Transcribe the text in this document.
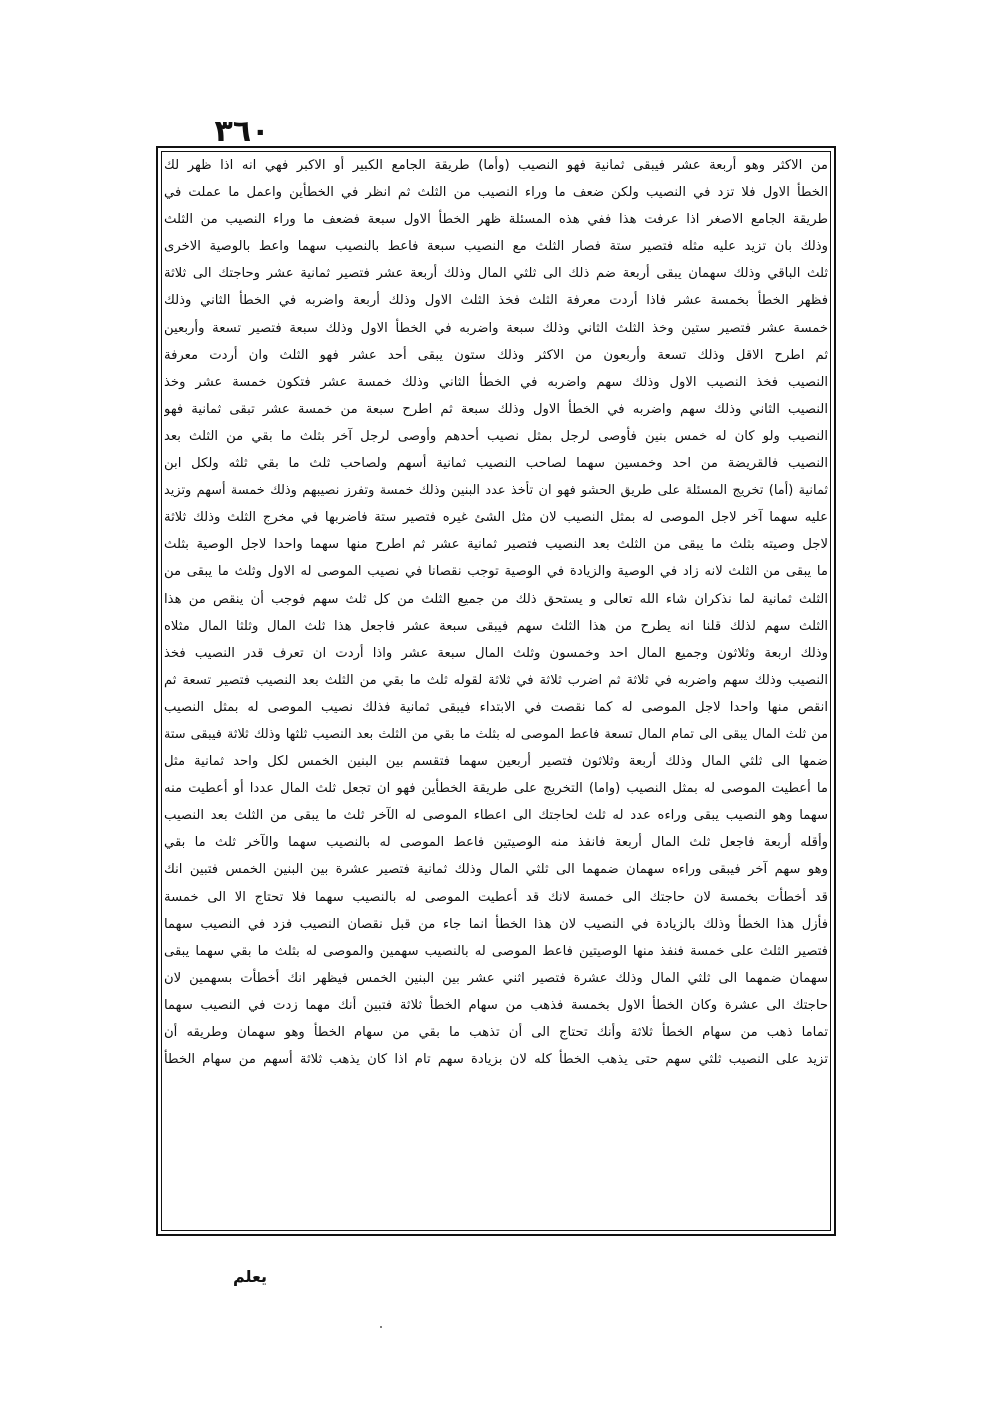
٣٦٠
من الاكثر وهو أربعة عشر فيبقى ثمانية فهو النصيب (وأما) طريقة الجامع الكبير أو الاكبر فهي انه اذا ظهر لك
الخطأ الاول فلا تزد في النصيب ولكن ضعف ما وراء النصيب من الثلث ثم انظر في الخطأين واعمل ما عملت في
طريقة الجامع الاصغر اذا عرفت هذا ففي هذه المسئلة ظهر الخطأ الاول سبعة فضعف ما وراء النصيب من الثلث
وذلك بان تزيد عليه مثله فتصير ستة فصار الثلث مع النصيب سبعة فاعط بالنصيب سهما واعط بالوصية الاخرى
ثلث الباقي وذلك سهمان يبقى أربعة ضم ذلك الى ثلثي المال وذلك أربعة عشر فتصير ثمانية عشر وحاجتك الى ثلاثة
فظهر الخطأ بخمسة عشر فاذا أردت معرفة الثلث فخذ الثلث الاول وذلك أربعة واضربه في الخطأ الثاني وذلك
خمسة عشر فتصير ستين وخذ الثلث الثاني وذلك سبعة واضربه في الخطأ الاول وذلك سبعة فتصير تسعة وأربعين
ثم اطرح الاقل وذلك تسعة وأربعون من الاكثر وذلك ستون يبقى أحد عشر فهو الثلث وان أردت معرفة
النصيب فخذ النصيب الاول وذلك سهم واضربه في الخطأ الثاني وذلك خمسة عشر فتكون خمسة عشر وخذ
النصيب الثاني وذلك سهم واضربه في الخطأ الاول وذلك سبعة ثم اطرح سبعة من خمسة عشر تبقى ثمانية فهو
النصيب ولو كان له خمس بنين فأوصى لرجل بمثل نصيب أحدهم وأوصى لرجل آخر بثلث ما بقي من الثلث بعد
النصيب فالقريضة من احد وخمسين سهما لصاحب النصيب ثمانية أسهم ولصاحب ثلث ما بقي ثلثه ولكل ابن
ثمانية (أما) تخريج المسئلة على طريق الحشو فهو ان تأخذ عدد البنين وذلك خمسة وتفرز نصيبهم وذلك خمسة أسهم وتزيد
عليه سهما آخر لاجل الموصى له بمثل النصيب لان مثل الشئ غيره فتصير ستة فاضربها في مخرج الثلث وذلك ثلاثة
لاجل وصيته بثلث ما يبقى من الثلث بعد النصيب فتصير ثمانية عشر ثم اطرح منها سهما واحدا لاجل الوصية بثلث
ما يبقى من الثلث لانه زاد في الوصية والزيادة في الوصية توجب نقصانا في نصيب الموصى له الاول وثلث ما يبقى من
الثلث ثمانية لما نذكران شاء الله تعالى و يستحق ذلك من جميع الثلث من كل ثلث سهم فوجب أن ينقص من هذا
الثلث سهم لذلك قلنا انه يطرح من هذا الثلث سهم فيبقى سبعة عشر فاجعل هذا ثلث المال وثلثا المال مثلاه
وذلك اربعة وثلاثون وجميع المال احد وخمسون وثلث المال سبعة عشر واذا أردت ان تعرف قدر النصيب فخذ
النصيب وذلك سهم واضربه في ثلاثة ثم اضرب ثلاثة في ثلاثة لقوله ثلث ما بقي من الثلث بعد النصيب فتصير تسعة ثم
انقص منها واحدا لاجل الموصى له كما نقصت في الابتداء فيبقى ثمانية فذلك نصيب الموصى له بمثل النصيب
من ثلث المال يبقى الى تمام المال تسعة فاعط الموصى له بثلث ما بقي من الثلث بعد النصيب ثلثها وذلك ثلاثة فيبقى ستة
ضمها الى ثلثي المال وذلك أربعة وثلاثون فتصير أربعين سهما فتقسم بين البنين الخمس لكل واحد ثمانية مثل
ما أعطيت الموصى له بمثل النصيب (واما) التخريج على طريقة الخطأين فهو ان تجعل ثلث المال عددا أو أعطيت منه
سهما وهو النصيب يبقى وراءه عدد له ثلث لحاجتك الى اعطاء الموصى له الآخر ثلث ما يبقى من الثلث بعد النصيب
وأقله أربعة فاجعل ثلث المال أربعة فانفذ منه الوصيتين فاعط الموصى له بالنصيب سهما والآخر ثلث ما بقي
وهو سهم آخر فيبقى وراءه سهمان ضمهما الى ثلثي المال وذلك ثمانية فتصير عشرة بين البنين الخمس فتبين انك
قد أخطأت بخمسة لان حاجتك الى خمسة لانك قد أعطيت الموصى له بالنصيب سهما فلا تحتاج الا الى خمسة
فأزل هذا الخطأ وذلك بالزيادة في النصيب لان هذا الخطأ انما جاء من قبل نقصان النصيب فزد في النصيب سهما
فتصير الثلث على خمسة فنفذ منها الوصيتين فاعط الموصى له بالنصيب سهمين والموصى له بثلث ما بقي سهما يبقى
سهمان ضمهما الى ثلثي المال وذلك عشرة فتصير اثني عشر بين البنين الخمس فيظهر انك أخطأت بسهمين لان
حاجتك الى عشرة وكان الخطأ الاول بخمسة فذهب من سهام الخطأ ثلاثة فتبين أنك مهما زدت في النصيب سهما
تماما ذهب من سهام الخطأ ثلاثة وأنك تحتاج الى أن تذهب ما بقي من سهام الخطأ وهو سهمان وطريقه أن
تزيد على النصيب ثلثي سهم حتى يذهب الخطأ كله لان بزيادة سهم تام اذا كان يذهب ثلاثة أسهم من سهام الخطأ
يعلم
